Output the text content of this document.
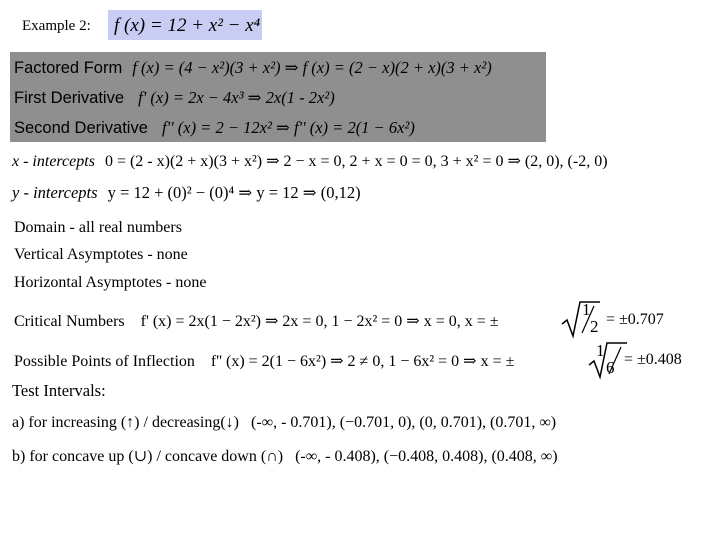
Example 2: f (x) = 12 + x² − x⁴
Factored Form f (x) = (4 − x²)(3 + x²) ⇒ f (x) = (2 − x)(2 + x)(3 + x²)
First Derivative f' (x) = 2x − 4x³ ⇒ 2x(1 - 2x²)
Second Derivative f'' (x) = 2 − 12x² ⇒ f'' (x) = 2(1 − 6x²)
x - intercepts 0 = (2 - x)(2 + x)(3 + x²) ⇒ 2 − x = 0, 2 + x = 0 = 0, 3 + x² = 0 ⇒ (2, 0), (-2, 0)
y - intercepts y = 12 + (0)² − (0)⁴ ⇒ y = 12 ⇒ (0,12)
Domain - all real numbers
Vertical Asymptotes - none
Horizontal Asymptotes - none
Critical Numbers f' (x) = 2x(1 − 2x²) ⇒ 2x = 0, 1 − 2x² = 0 ⇒ x = 0, x = ±
1
2 = ±0.707
Possible Points of Inflection f'' (x) = 2(1 − 6x²) ⇒ 2 ≠ 0, 1 − 6x² = 0 ⇒ x = ±
1
6 = ±0.408
Test Intervals:
a) for increasing (↑) / decreasing(↓) (-∞, - 0.701), (−0.701, 0), (0, 0.701), (0.701, ∞)
b) for concave up (∪) / concave down (∩) (-∞, - 0.408), (−0.408, 0.408), (0.408, ∞)
